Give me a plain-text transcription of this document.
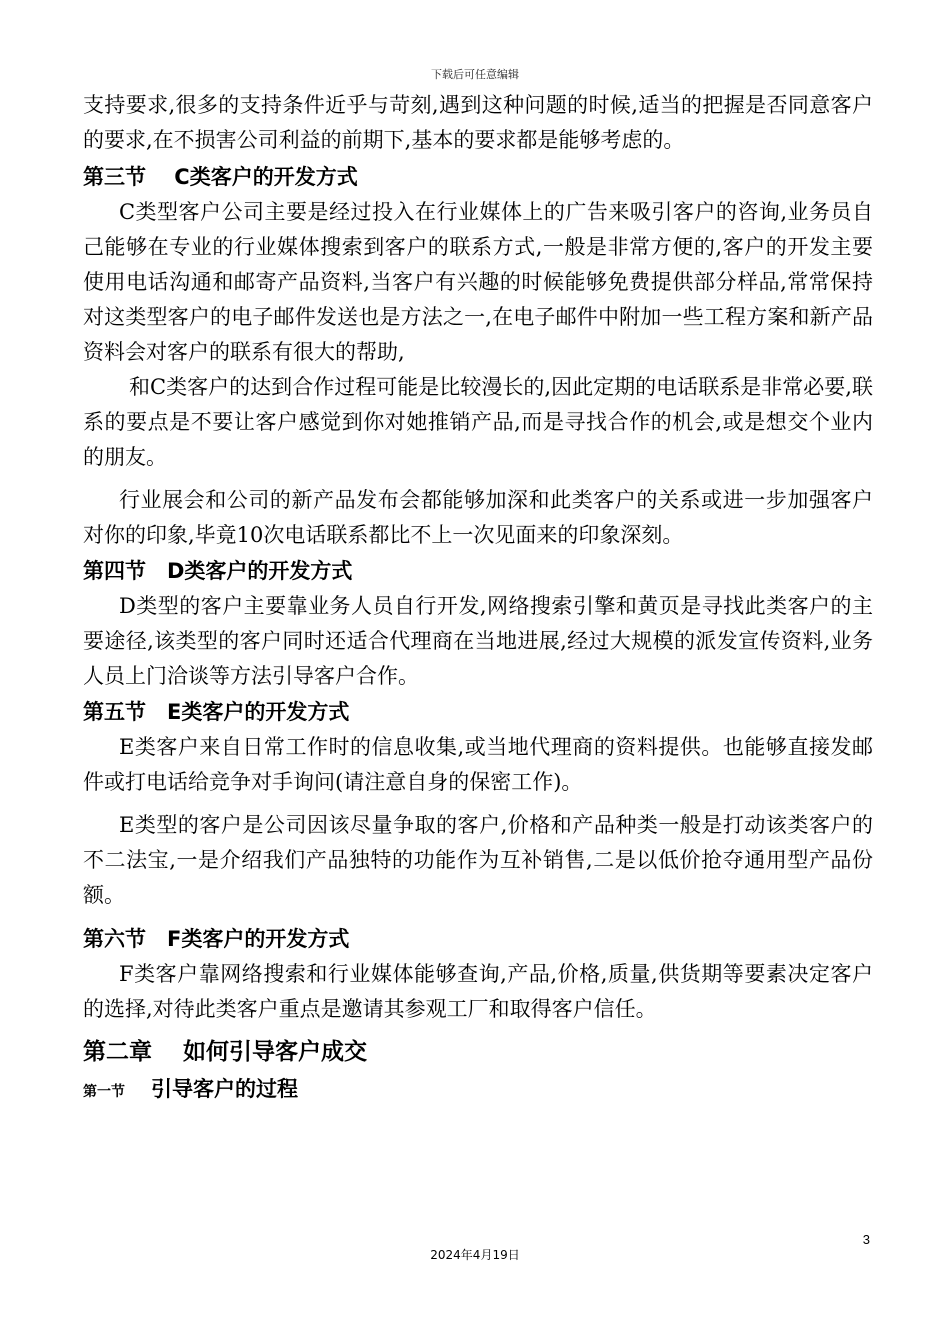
下载后可任意编辑

支持要求,很多的支持条件近乎与苛刻,遇到这种问题的时候,适当的把握是否同意客户的要求,在不损害公司利益的前期下,基本的要求都是能够考虑的。

第三节　 C类客户的开发方式

C类型客户公司主要是经过投入在行业媒体上的广告来吸引客户的咨询,业务员自己能够在专业的行业媒体搜索到客户的联系方式,一般是非常方便的,客户的开发主要使用电话沟通和邮寄产品资料,当客户有兴趣的时候能够免费提供部分样品,常常保持对这类型客户的电子邮件发送也是方法之一,在电子邮件中附加一些工程方案和新产品资料会对客户的联系有很大的帮助,

和C类客户的达到合作过程可能是比较漫长的,因此定期的电话联系是非常必要,联系的要点是不要让客户感觉到你对她推销产品,而是寻找合作的机会,或是想交个业内的朋友。

行业展会和公司的新产品发布会都能够加深和此类客户的关系或进一步加强客户对你的印象,毕竟10次电话联系都比不上一次见面来的印象深刻。

第四节　D类客户的开发方式

D类型的客户主要靠业务人员自行开发,网络搜索引擎和黄页是寻找此类客户的主要途径,该类型的客户同时还适合代理商在当地进展,经过大规模的派发宣传资料,业务人员上门洽谈等方法引导客户合作。

第五节　E类客户的开发方式

E类客户来自日常工作时的信息收集,或当地代理商的资料提供。也能够直接发邮件或打电话给竞争对手询问(请注意自身的保密工作)。

E类型的客户是公司因该尽量争取的客户,价格和产品种类一般是打动该类客户的不二法宝,一是介绍我们产品独特的功能作为互补销售,二是以低价抢夺通用型产品份额。

第六节　F类客户的开发方式

F类客户靠网络搜索和行业媒体能够查询,产品,价格,质量,供货期等要素决定客户的选择,对待此类客户重点是邀请其参观工厂和取得客户信任。

第二章　 如何引导客户成交

第一节 引导客户的过程

3
2024年4月19日
